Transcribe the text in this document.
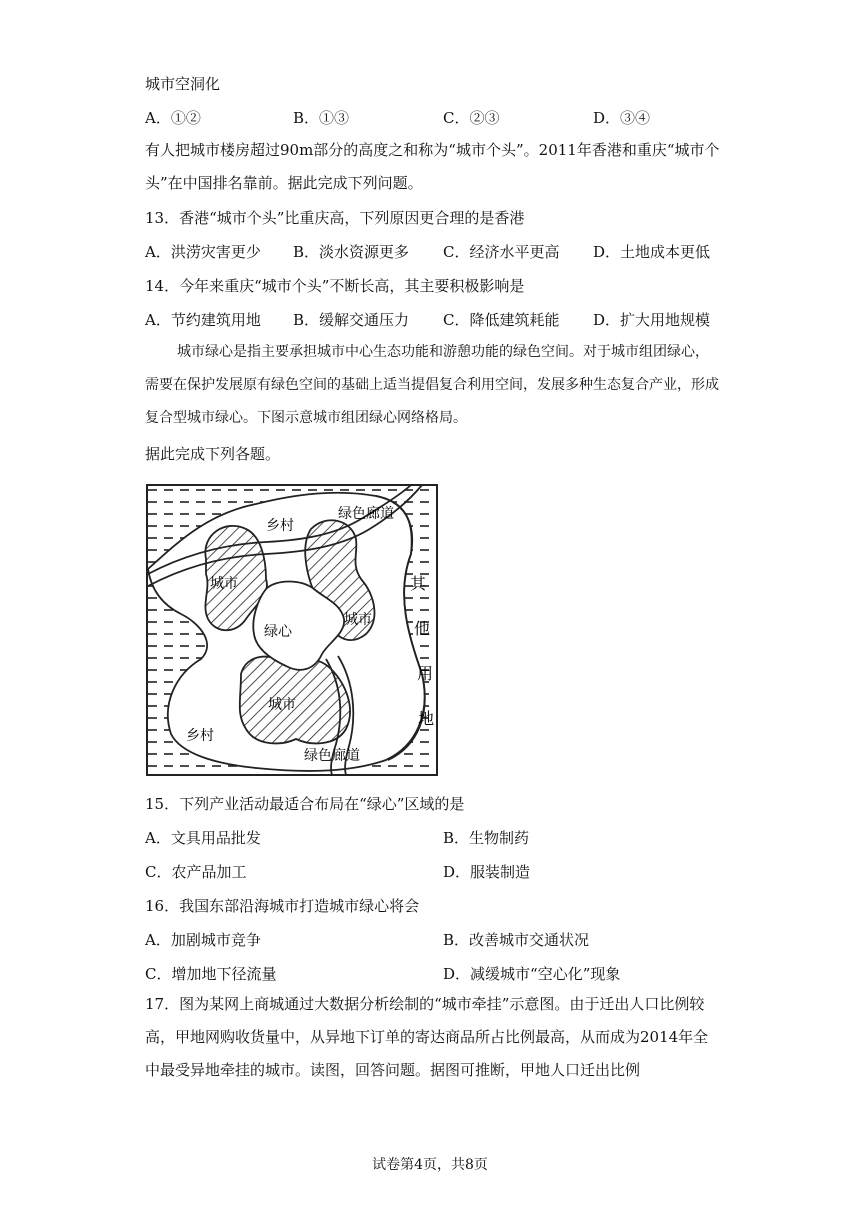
城市空洞化
A．①②	B．①③	C．②③	D．③④
有人把城市楼房超过90m部分的高度之和称为“城市个头”。2011年香港和重庆“城市个头”在中国排名靠前。据此完成下列问题。
13．香港“城市个头”比重庆高，下列原因更合理的是香港
A．洪涝灾害更少 B．淡水资源更多 C．经济水平更高 D．土地成本更低
14．今年来重庆“城市个头”不断长高，其主要积极影响是
A．节约建筑用地 B．缓解交通压力 C．降低建筑耗能 D．扩大用地规模
城市绿心是指主要承担城市中心生态功能和游憩功能的绿色空间。对于城市组团绿心，需要在保护发展原有绿色空间的基础上适当提倡复合利用空间，发展多种生态复合产业，形成复合型城市绿心。下图示意城市组团绿心网络格局。
据此完成下列各题。
乡村
绿色廊道
城市
城市
绿心
城市
乡村
绿色廊道
其
他
用
地
15．下列产业活动最适合布局在“绿心”区域的是
A．文具用品批发	B．生物制药
C．农产品加工	D．服装制造
16．我国东部沿海城市打造城市绿心将会
A．加剧城市竞争	B．改善城市交通状况
C．增加地下径流量	D．减缓城市“空心化”现象
17．图为某网上商城通过大数据分析绘制的“城市牵挂”示意图。由于迁出人口比例较高，甲地网购收货量中，从异地下订单的寄达商品所占比例最高，从而成为2014年全中最受异地牵挂的城市。读图，回答问题。据图可推断，甲地人口迁出比例
试卷第4页，共8页
